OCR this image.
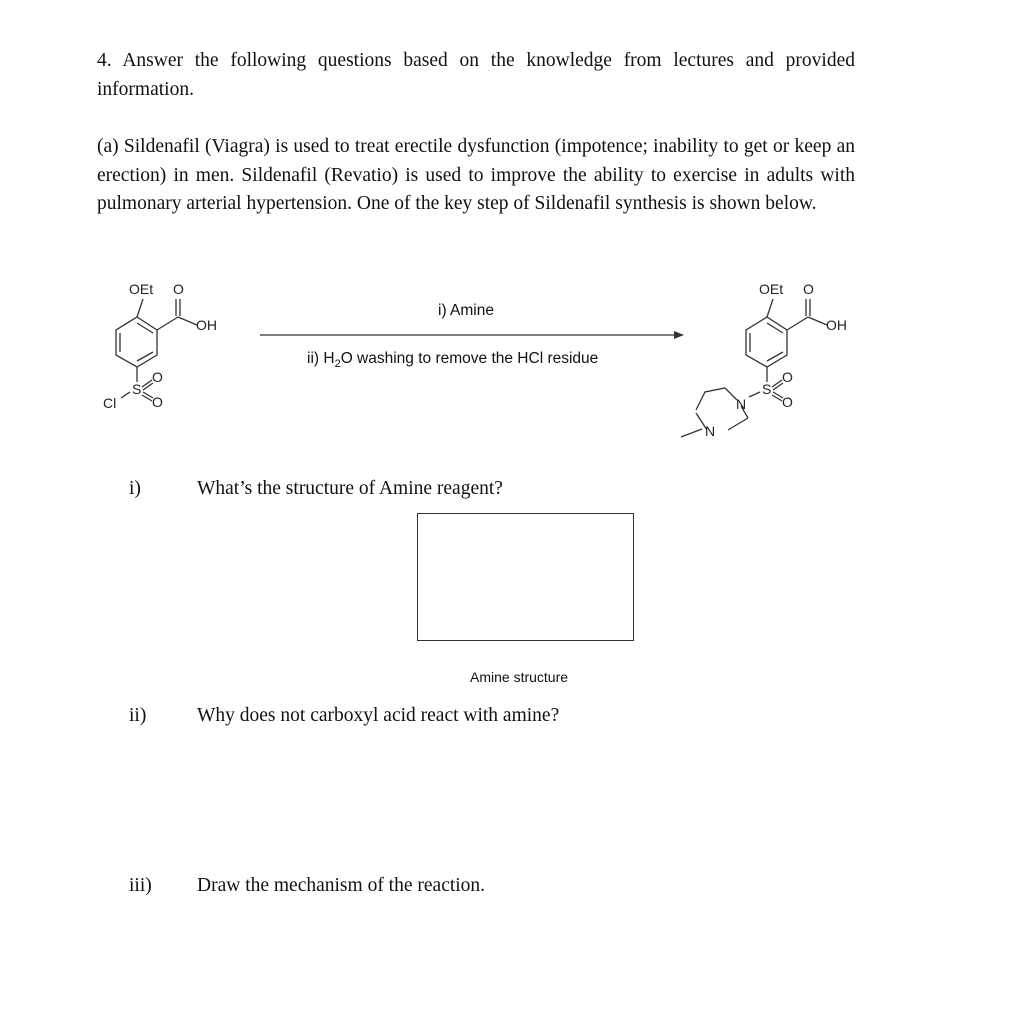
4. Answer the following questions based on the knowledge from lectures and provided information.
(a) Sildenafil (Viagra) is used to treat erectile dysfunction (impotence; inability to get or keep an erection) in men. Sildenafil (Revatio) is used to improve the ability to exercise in adults with pulmonary arterial hypertension. One of the key step of Sildenafil synthesis is shown below.
OEt O
OH
S
O
O
Cl
OEt O
OH
S
O
O
N
N
i) Amine
ii) $H_2O$ washing to remove the HCl residue
i)	What’s the structure of Amine reagent?
Amine structure
ii)	Why does not carboxyl acid react with amine?
iii) Draw the mechanism of the reaction.
